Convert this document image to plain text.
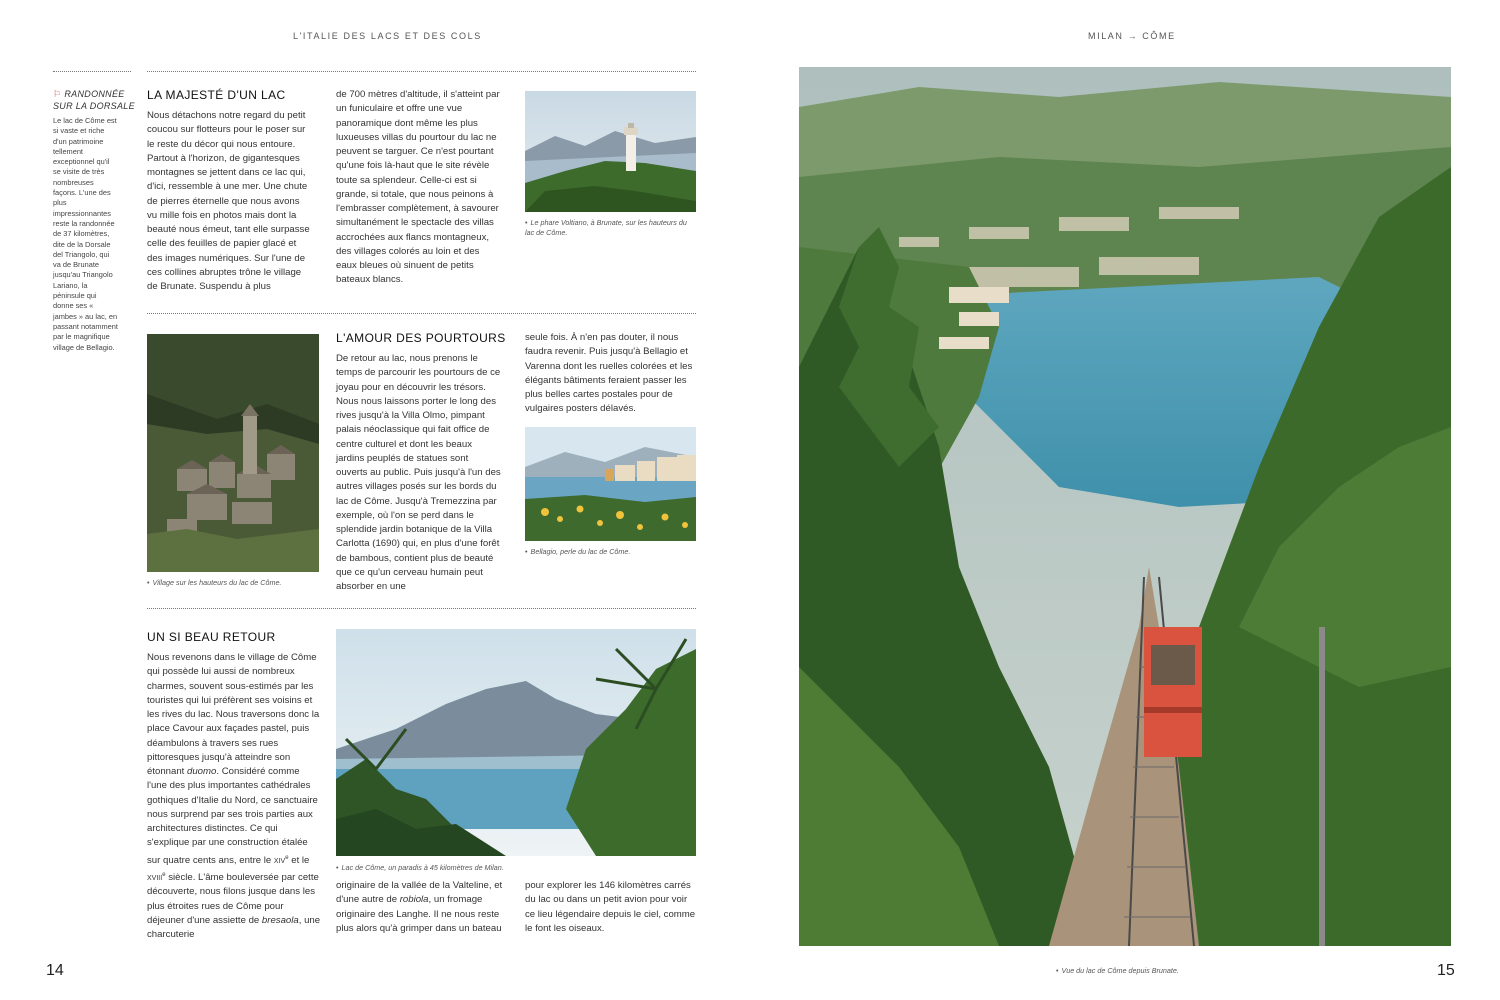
L'ITALIE DES LACS ET DES COLS	MILAN → CÔME
⚐ RANDONNÉE SUR LA DORSALE
Le lac de Côme est si vaste et riche d'un patrimoine tellement exceptionnel qu'il se visite de très nombreuses façons. L'une des plus impressionnantes reste la randonnée de 37 kilomètres, dite de la Dorsale del Triangolo, qui va de Brunate jusqu'au Triangolo Lariano, la péninsule qui donne ses « jambes » au lac, en passant notamment par le magnifique village de Bellagio.
LA MAJESTÉ D'UN LAC
Nous détachons notre regard du petit coucou sur flotteurs pour le poser sur le reste du décor qui nous entoure. Partout à l'horizon, de gigantesques montagnes se jettent dans ce lac qui, d'ici, ressemble à une mer. Une chute de pierres éternelle que nous avons vu mille fois en photos mais dont la beauté nous émeut, tant elle surpasse celle des feuilles de papier glacé et des images numériques. Sur l'une de ces collines abruptes trône le village de Brunate. Suspendu à plus
de 700 mètres d'altitude, il s'atteint par un funiculaire et offre une vue panoramique dont même les plus luxueuses villas du pourtour du lac ne peuvent se targuer. Ce n'est pourtant qu'une fois là-haut que le site révèle toute sa splendeur. Celle-ci est si grande, si totale, que nous peinons à l'embrasser complètement, à savourer simultanément le spectacle des villas accrochées aux flancs montagneux, des villages colorés au loin et des eaux bleues où sinuent de petits bateaux blancs.
• Le phare Voltiano, à Brunate, sur les hauteurs du lac de Côme.
• Village sur les hauteurs du lac de Côme.
L'AMOUR DES POURTOURS
De retour au lac, nous prenons le temps de parcourir les pourtours de ce joyau pour en découvrir les trésors. Nous nous laissons porter le long des rives jusqu'à la Villa Olmo, pimpant palais néoclassique qui fait office de centre culturel et dont les beaux jardins peuplés de statues sont ouverts au public. Puis jusqu'à l'un des autres villages posés sur les bords du lac de Côme. Jusqu'à Tremezzina par exemple, où l'on se perd dans le splendide jardin botanique de la Villa Carlotta (1690) qui, en plus d'une forêt de bambous, contient plus de beauté que ce qu'un cerveau humain peut absorber en une
seule fois. À n'en pas douter, il nous faudra revenir. Puis jusqu'à Bellagio et Varenna dont les ruelles colorées et les élégants bâtiments feraient passer les plus belles cartes postales pour de vulgaires posters délavés.
• Bellagio, perle du lac de Côme.
UN SI BEAU RETOUR
Nous revenons dans le village de Côme qui possède lui aussi de nombreux charmes, souvent sous-estimés par les touristes qui lui préfèrent ses voisins et les rives du lac. Nous traversons donc la place Cavour aux façades pastel, puis déambulons à travers ses rues pittoresques jusqu'à atteindre son étonnant duomo. Considéré comme l'une des plus importantes cathédrales gothiques d'Italie du Nord, ce sanctuaire nous surprend par ses trois parties aux architectures distinctes. Ce qui s'explique par une construction étalée sur quatre cents ans, entre le xiv$^e$ et le xviii$^e$ siècle. L'âme bouleversée par cette découverte, nous filons jusque dans les plus étroites rues de Côme pour déjeuner d'une assiette de bresaola, une charcuterie
• Lac de Côme, un paradis à 45 kilomètres de Milan.
originaire de la vallée de la Valteline, et d'une autre de robiola, un fromage originaire des Langhe. Il ne nous reste plus alors qu'à grimper dans un bateau
pour explorer les 146 kilomètres carrés du lac ou dans un petit avion pour voir ce lieu légendaire depuis le ciel, comme le font les oiseaux.
• Vue du lac de Côme depuis Brunate.
14	15
